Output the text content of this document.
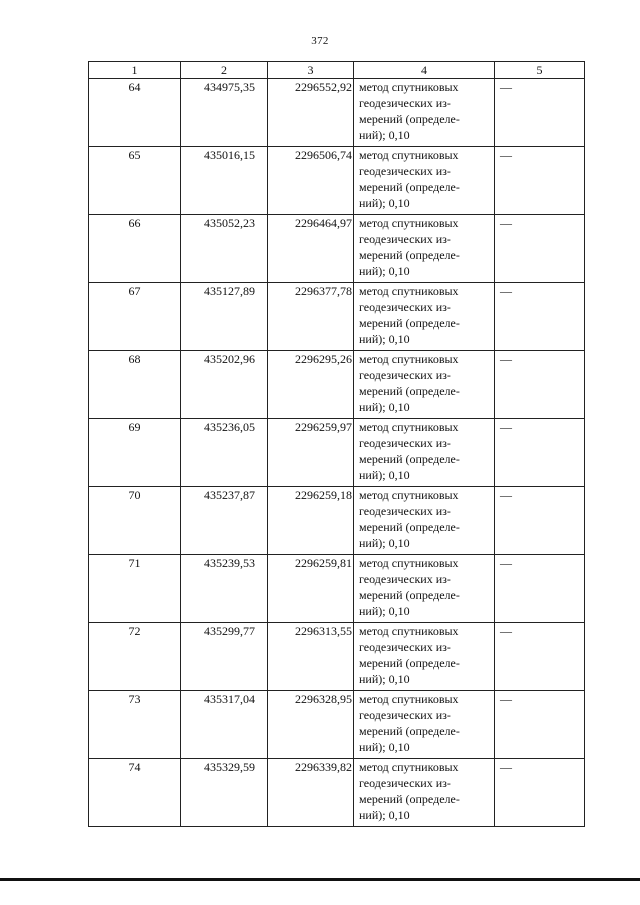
372
1	2	3	4	5
64	434975,35	2296552,92	метод спутниковых
геодезических из-
мерений (определе-
ний); 0,10	—
65	435016,15	2296506,74	метод спутниковых
геодезических из-
мерений (определе-
ний); 0,10	—
66	435052,23	2296464,97	метод спутниковых
геодезических из-
мерений (определе-
ний); 0,10	—
67	435127,89	2296377,78	метод спутниковых
геодезических из-
мерений (определе-
ний); 0,10	—
68	435202,96	2296295,26	метод спутниковых
геодезических из-
мерений (определе-
ний); 0,10	—
69	435236,05	2296259,97	метод спутниковых
геодезических из-
мерений (определе-
ний); 0,10	—
70	435237,87	2296259,18	метод спутниковых
геодезических из-
мерений (определе-
ний); 0,10	—
71	435239,53	2296259,81	метод спутниковых
геодезических из-
мерений (определе-
ний); 0,10	—
72	435299,77	2296313,55	метод спутниковых
геодезических из-
мерений (определе-
ний); 0,10	—
73	435317,04	2296328,95	метод спутниковых
геодезических из-
мерений (определе-
ний); 0,10	—
74	435329,59	2296339,82	метод спутниковых
геодезических из-
мерений (определе-
ний); 0,10	—
